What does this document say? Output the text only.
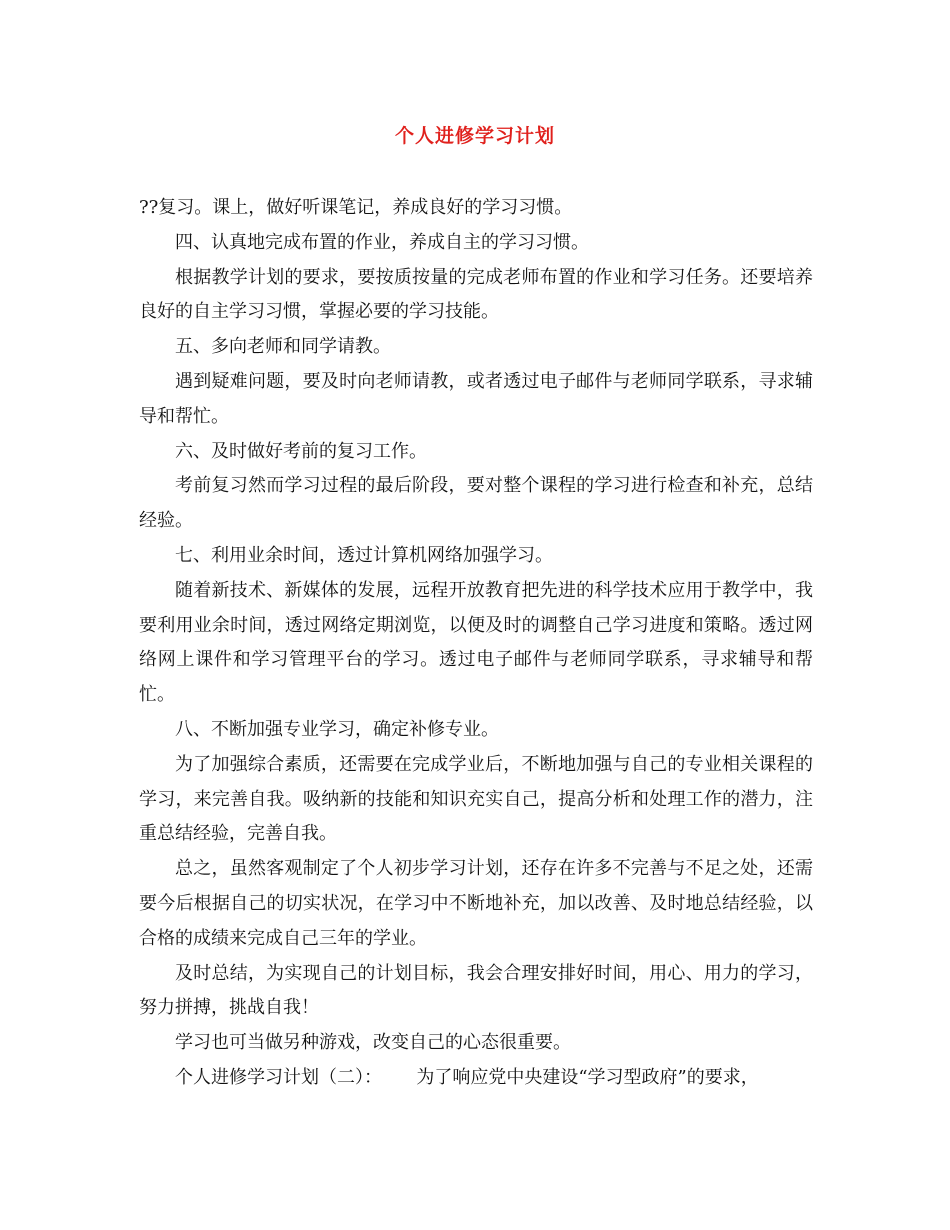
个人进修学习计划

??复习。课上，做好听课笔记，养成良好的学习习惯。

四、认真地完成布置的作业，养成自主的学习习惯。

根据教学计划的要求，要按质按量的完成老师布置的作业和学习任务。还要培养良好的自主学习习惯，掌握必要的学习技能。

五、多向老师和同学请教。

遇到疑难问题，要及时向老师请教，或者透过电子邮件与老师同学联系，寻求辅导和帮忙。

六、及时做好考前的复习工作。

考前复习然而学习过程的最后阶段，要对整个课程的学习进行检查和补充，总结经验。

七、利用业余时间，透过计算机网络加强学习。

随着新技术、新媒体的发展，远程开放教育把先进的科学技术应用于教学中，我要利用业余时间，透过网络定期浏览，以便及时的调整自己学习进度和策略。透过网络网上课件和学习管理平台的学习。透过电子邮件与老师同学联系，寻求辅导和帮忙。

八、不断加强专业学习，确定补修专业。

为了加强综合素质，还需要在完成学业后，不断地加强与自己的专业相关课程的学习，来完善自我。吸纳新的技能和知识充实自己，提高分析和处理工作的潜力，注重总结经验，完善自我。

总之，虽然客观制定了个人初步学习计划，还存在许多不完善与不足之处，还需要今后根据自己的切实状况，在学习中不断地补充，加以改善、及时地总结经验，以合格的成绩来完成自己三年的学业。

及时总结，为实现自己的计划目标，我会合理安排好时间，用心、用力的学习，努力拼搏，挑战自我！

学习也可当做另种游戏，改变自己的心态很重要。

个人进修学习计划（二）：      为了响应党中央建设“学习型政府”的要求，
